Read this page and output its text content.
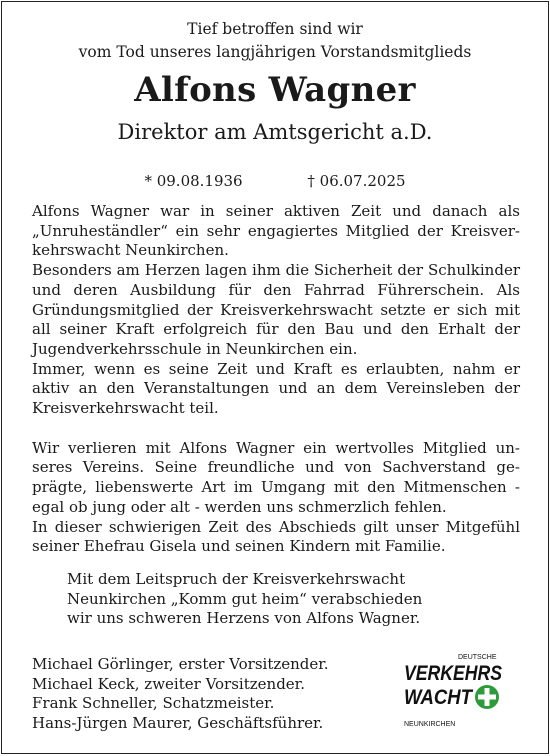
Tief betroffen sind wir
vom Tod unseres langjährigen Vorstandsmitglieds
Alfons Wagner
Direktor am Amtsgericht a.D.
* 09.08.1936	† 06.07.2025

Alfons Wagner war in seiner aktiven Zeit und danach als „Unruheständler“ ein sehr engagiertes Mitglied der Kreisverkehrswacht Neunkirchen.

Besonders am Herzen lagen ihm die Sicherheit der Schulkinder und deren Ausbildung für den Fahrrad Führerschein. Als Gründungsmitglied der Kreisverkehrswacht setzte er sich mit all seiner Kraft erfolgreich für den Bau und den Erhalt der Jugendverkehrsschule in Neunkirchen ein.

Immer, wenn es seine Zeit und Kraft es erlaubten, nahm er aktiv an den Veranstaltungen und an dem Vereinsleben der Kreisverkehrswacht teil.

Wir verlieren mit Alfons Wagner ein wertvolles Mitglied unseres Vereins. Seine freundliche und von Sachverstand geprägte, liebenswerte Art im Umgang mit den Mitmenschen - egal ob jung oder alt - werden uns schmerzlich fehlen.

In dieser schwierigen Zeit des Abschieds gilt unser Mitgefühl seiner Ehefrau Gisela und seinen Kindern mit Familie.

Mit dem Leitspruch der Kreisverkehrswacht

Neunkirchen „Komm gut heim“ verabschieden

wir uns schweren Herzens von Alfons Wagner.

Michael Görlinger, erster Vorsitzender.
Michael Keck, zweiter Vorsitzender.
Frank Schneller, Schatzmeister.
Hans-Jürgen Maurer, Geschäftsführer.
DEUTSCHE
VERKEHRS
WACHT
NEUNKIRCHEN
